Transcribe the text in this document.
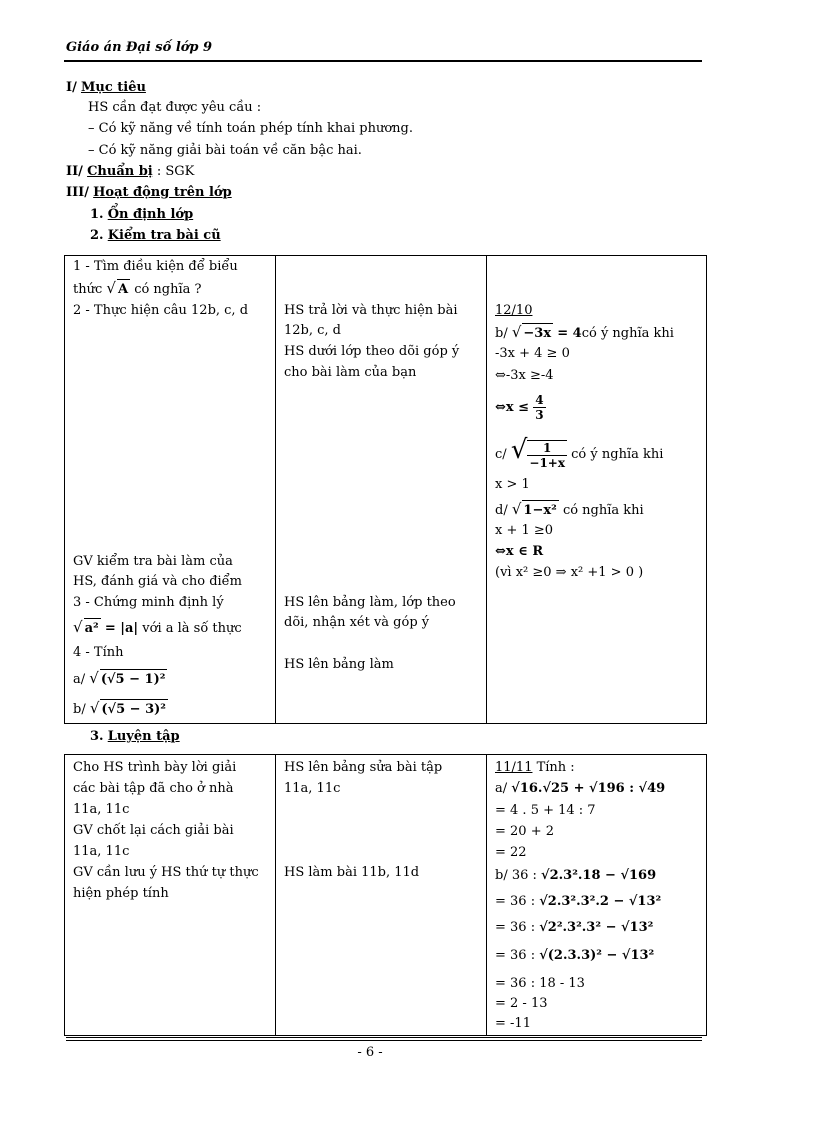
Giáo án Đại số lớp 9
I/ Mục tiêu
HS cần đạt được yêu cầu :
– Có kỹ năng về tính toán phép tính khai phương.
– Có kỹ năng giải bài toán về căn bậc hai.
II/ Chuẩn bị : SGK
III/ Hoạt động trên lớp
1. Ổn định lớp
2. Kiểm tra bài cũ
1 - Tìm điều kiện để biểu
thức √ A có nghĩa ?
2 - Thực hiện câu 12b, c, d
GV kiểm tra bài làm của
HS, đánh giá và cho điểm
3 - Chứng minh định lý
√ a² = |a| với a là số thực
4 - Tính
a/ √ (√5 − 1)²
b/ √ (√5 − 3)²

HS trả lời và thực hiện bài
12b, c, d
HS dưới lớp theo dõi góp ý
cho bài làm của bạn
HS lên bảng làm, lớp theo
dõi, nhận xét và góp ý
HS lên bảng làm

12/10
b/ √ −3x = 4có ý nghĩa khi
-3x + 4 ≥ 0
⇔-3x ≥-4
⇔x ≤ $\frac{4}{3}$
c/ √ $\frac{1}{-1+x}$ có ý nghĩa khi
x > 1
d/ √ 1−x² có nghĩa khi
x + 1 ≥0
⇔x ∈ R
(vì x² ≥0 ⇒ x² +1 > 0 )
3. Luyện tập
Cho HS trình bày lời giải
các bài tập đã cho ở nhà
11a, 11c
GV chốt lại cách giải bài
11a, 11c
GV cần lưu ý HS thứ tự thực
hiện phép tính

HS lên bảng sửa bài tập
11a, 11c
HS làm bài 11b, 11d

11/11 Tính :
a/ √16.√25 + √196 : √49
= 4 . 5 + 14 : 7
= 20 + 2
= 22
b/ 36 : √2.3².18 − √169
= 36 : √2.3².3².2 − √13²
= 36 : √2².3².3² − √13²
= 36 : √(2.3.3)² − √13²
= 36 : 18 - 13
= 2 - 13
= -11
- 6 -
